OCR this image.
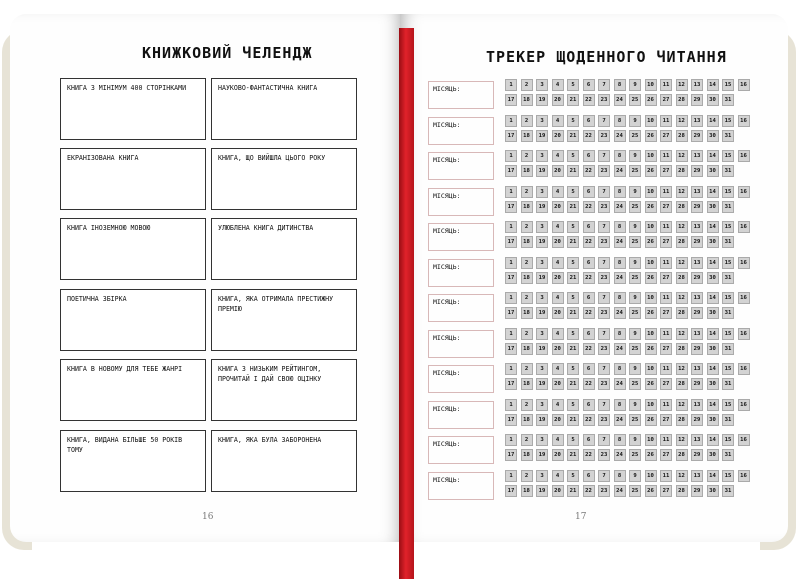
КНИЖКОВИЙ ЧЕЛЕНДЖ	ТРЕКЕР ЩОДЕННОГО ЧИТАННЯ
КНИГА З МІНІМУМ 400 СТОРІНКАМИ	НАУКОВО-ФАНТАСТИЧНА КНИГА
ЕКРАНІЗОВАНА КНИГА	КНИГА, ЩО ВИЙШЛА ЦЬОГО РОКУ
КНИГА ІНОЗЕМНОЮ МОВОЮ	УЛЮБЛЕНА КНИГА ДИТИНСТВА
ПОЕТИЧНА ЗБІРКА	КНИГА, ЯКА ОТРИМАЛА ПРЕСТИЖНУ ПРЕМІЮ
КНИГА В НОВОМУ ДЛЯ ТЕБЕ ЖАНРІ	КНИГА З НИЗЬКИМ РЕЙТИНГОМ, ПРОЧИТАЙ І ДАЙ СВОЮ ОЦІНКУ
КНИГА, ВИДАНА БІЛЬШЕ 50 РОКІВ ТОМУ
КНИГА, ЯКА БУЛА ЗАБОРОНЕНА
МІСЯЦЬ:	1	2	3	4	5	6	7	8	9	10	11	12	13	14	15	16
17	18	19	20	21	22	23	24	25	26	27	28	29	30	31
МІСЯЦЬ:	1	2	3	4	5	6	7	8	9	10	11	12	13	14	15	16
17	18	19	20	21	22	23	24	25	26	27	28	29	30	31
МІСЯЦЬ:	1	2	3	4	5	6	7	8	9	10	11	12	13	14	15	16
17	18	19	20	21	22	23	24	25	26	27	28	29	30	31
МІСЯЦЬ:	1	2	3	4	5	6	7	8	9	10	11	12	13	14	15	16
17	18	19	20	21	22	23	24	25	26	27	28	29	30	31
МІСЯЦЬ:	1	2	3	4	5	6	7	8	9	10	11	12	13	14	15	16
17	18	19	20	21	22	23	24	25	26	27	28	29	30	31
МІСЯЦЬ:	1	2	3	4	5	6	7	8	9	10	11	12	13	14	15	16
17	18	19	20	21	22	23	24	25	26	27	28	29	30	31
МІСЯЦЬ:	1	2	3	4	5	6	7	8	9	10	11	12	13	14	15	16
17	18	19	20	21	22	23	24	25	26	27	28	29	30	31
МІСЯЦЬ:	1	2	3	4	5	6	7	8	9	10	11	12	13	14	15	16
17	18	19	20	21	22	23	24	25	26	27	28	29	30	31
МІСЯЦЬ:	1	2	3	4	5	6	7	8	9	10	11	12	13	14	15	16
17	18	19	20	21	22	23	24	25	26	27	28	29	30	31
МІСЯЦЬ:	1	2	3	4	5	6	7	8	9	10	11	12	13	14	15	16
17	18	19	20	21	22	23	24	25	26	27	28	29	30	31
МІСЯЦЬ:	1	2	3	4	5	6	7	8	9	10	11	12	13	14	15	16
17	18	19	20	21	22	23	24	25	26	27	28	29	30	31
МІСЯЦЬ:	1	2	3	4	5	6	7	8	9	10	11	12	13	14	15	16
17	18	19	20	21	22	23	24	25	26	27	28	29	30	31
16	17
